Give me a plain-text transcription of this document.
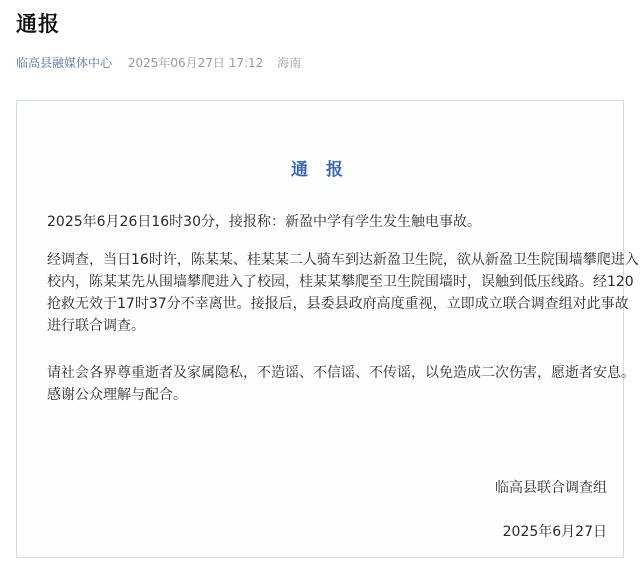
通报
临高县融媒体中心 2025年06月27日 17:12 海南
通 报
2025年6月26日16时30分，接报称：新盈中学有学生发生触电事故。
经调查，当日16时许，陈某某、桂某某二人骑车到达新盈卫生院，欲从新盈卫生院围墙攀爬进入校内，陈某某先从围墙攀爬进入了校园，桂某某攀爬至卫生院围墙时，误触到低压线路。经120抢救无效于17时37分不幸离世。接报后，县委县政府高度重视，立即成立联合调查组对此事故进行联合调查。
请社会各界尊重逝者及家属隐私，不造谣、不信谣、不传谣，以免造成二次伤害，愿逝者安息。感谢公众理解与配合。
临高县联合调查组
2025年6月27日
